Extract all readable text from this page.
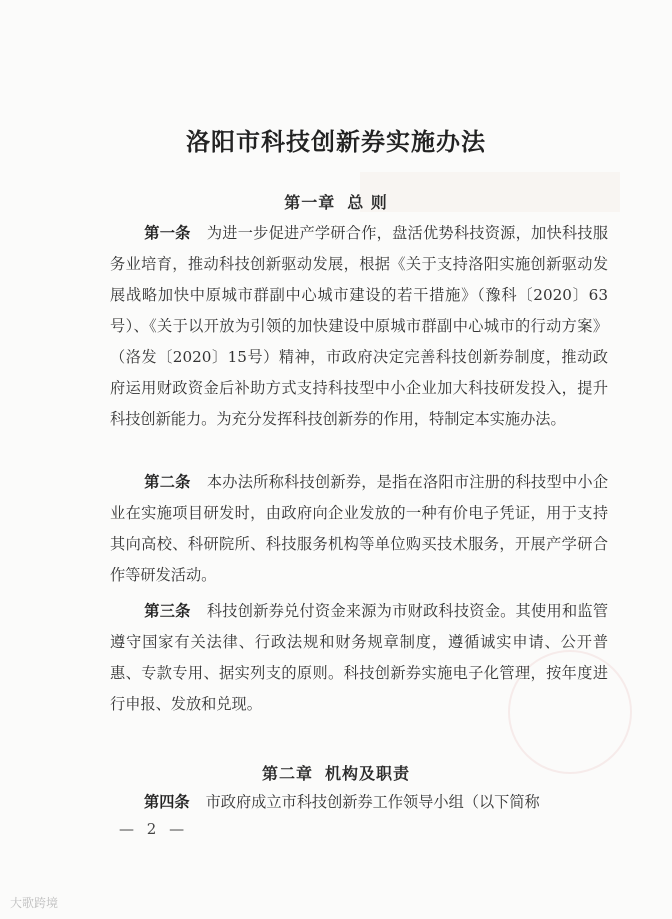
洛阳市科技创新券实施办法
第一章 总 则
第一条 为进一步促进产学研合作，盘活优势科技资源，加快科技服务业培育，推动科技创新驱动发展，根据《关于支持洛阳实施创新驱动发展战略加快中原城市群副中心城市建设的若干措施》（豫科〔2020〕63号）、《关于以开放为引领的加快建设中原城市群副中心城市的行动方案》（洛发〔2020〕15号）精神，市政府决定完善科技创新券制度，推动政府运用财政资金后补助方式支持科技型中小企业加大科技研发投入，提升科技创新能力。为充分发挥科技创新券的作用，特制定本实施办法。
第二条 本办法所称科技创新券，是指在洛阳市注册的科技型中小企业在实施项目研发时，由政府向企业发放的一种有价电子凭证，用于支持其向高校、科研院所、科技服务机构等单位购买技术服务，开展产学研合作等研发活动。
第三条 科技创新券兑付资金来源为市财政科技资金。其使用和监管遵守国家有关法律、行政法规和财务规章制度，遵循诚实申请、公开普惠、专款专用、据实列支的原则。科技创新券实施电子化管理，按年度进行申报、发放和兑现。
第二章 机构及职责
第四条 市政府成立市科技创新券工作领导小组（以下简称
— 2 —
大歌跨境
